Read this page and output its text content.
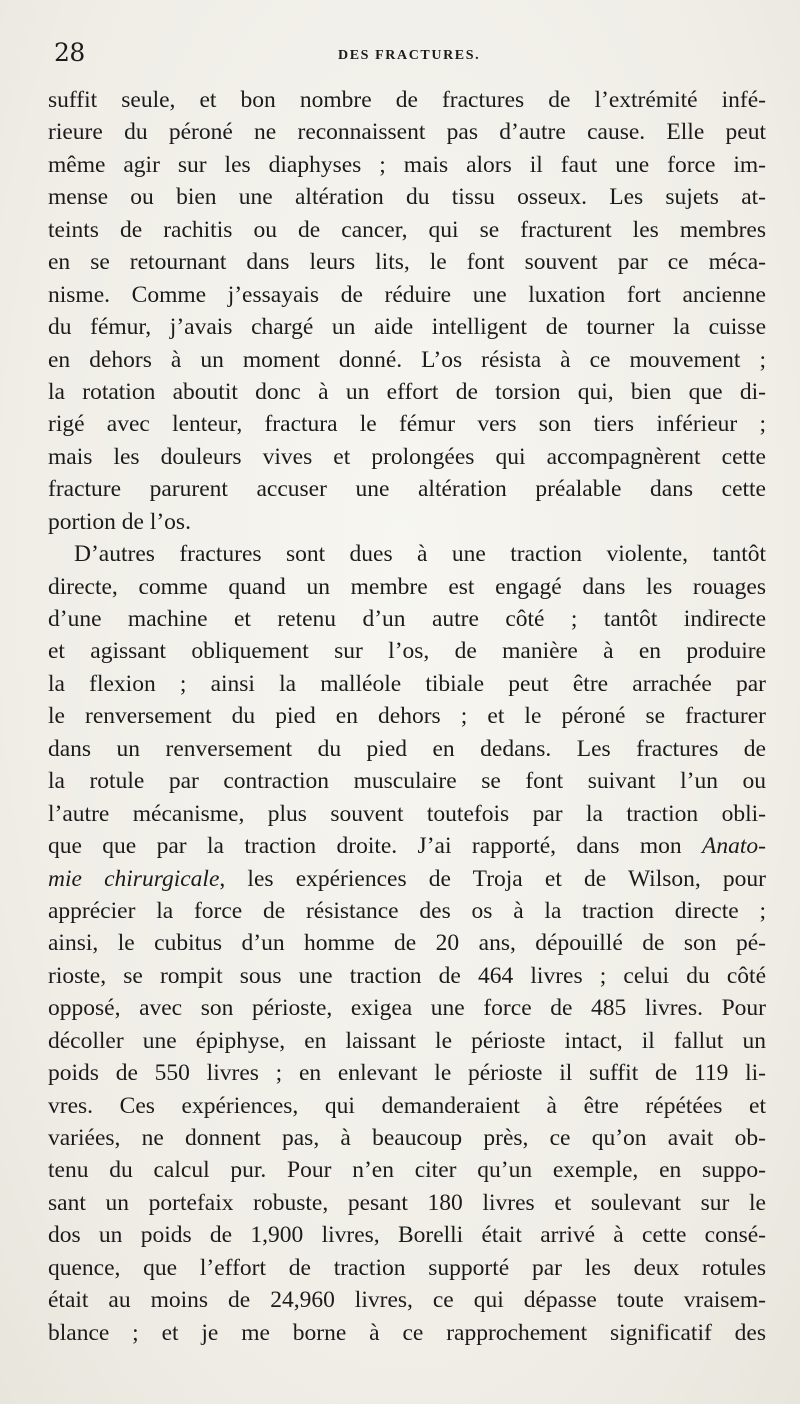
28	DES FRACTURES.
suffit seule, et bon nombre de fractures de l’extrémité infé-
rieure du péroné ne reconnaissent pas d’autre cause. Elle peut
même agir sur les diaphyses ; mais alors il faut une force im-
mense ou bien une altération du tissu osseux. Les sujets at-
teints de rachitis ou de cancer, qui se fracturent les membres
en se retournant dans leurs lits, le font souvent par ce méca-
nisme. Comme j’essayais de réduire une luxation fort ancienne
du fémur, j’avais chargé un aide intelligent de tourner la cuisse
en dehors à un moment donné. L’os résista à ce mouvement ;
la rotation aboutit donc à un effort de torsion qui, bien que di-
rigé avec lenteur, fractura le fémur vers son tiers inférieur ;
mais les douleurs vives et prolongées qui accompagnèrent cette
fracture parurent accuser une altération préalable dans cette
portion de l’os.
D’autres fractures sont dues à une traction violente, tantôt
directe, comme quand un membre est engagé dans les rouages
d’une machine et retenu d’un autre côté ; tantôt indirecte
et agissant obliquement sur l’os, de manière à en produire
la flexion ; ainsi la malléole tibiale peut être arrachée par
le renversement du pied en dehors ; et le péroné se fracturer
dans un renversement du pied en dedans. Les fractures de
la rotule par contraction musculaire se font suivant l’un ou
l’autre mécanisme, plus souvent toutefois par la traction obli-
que que par la traction droite. J’ai rapporté, dans mon Anato-
mie chirurgicale, les expériences de Troja et de Wilson, pour
apprécier la force de résistance des os à la traction directe ;
ainsi, le cubitus d’un homme de 20 ans, dépouillé de son pé-
rioste, se rompit sous une traction de 464 livres ; celui du côté
opposé, avec son périoste, exigea une force de 485 livres. Pour
décoller une épiphyse, en laissant le périoste intact, il fallut un
poids de 550 livres ; en enlevant le périoste il suffit de 119 li-
vres. Ces expériences, qui demanderaient à être répétées et
variées, ne donnent pas, à beaucoup près, ce qu’on avait ob-
tenu du calcul pur. Pour n’en citer qu’un exemple, en suppo-
sant un portefaix robuste, pesant 180 livres et soulevant sur le
dos un poids de 1,900 livres, Borelli était arrivé à cette consé-
quence, que l’effort de traction supporté par les deux rotules
était au moins de 24,960 livres, ce qui dépasse toute vraisem-
blance ; et je me borne à ce rapprochement significatif des
